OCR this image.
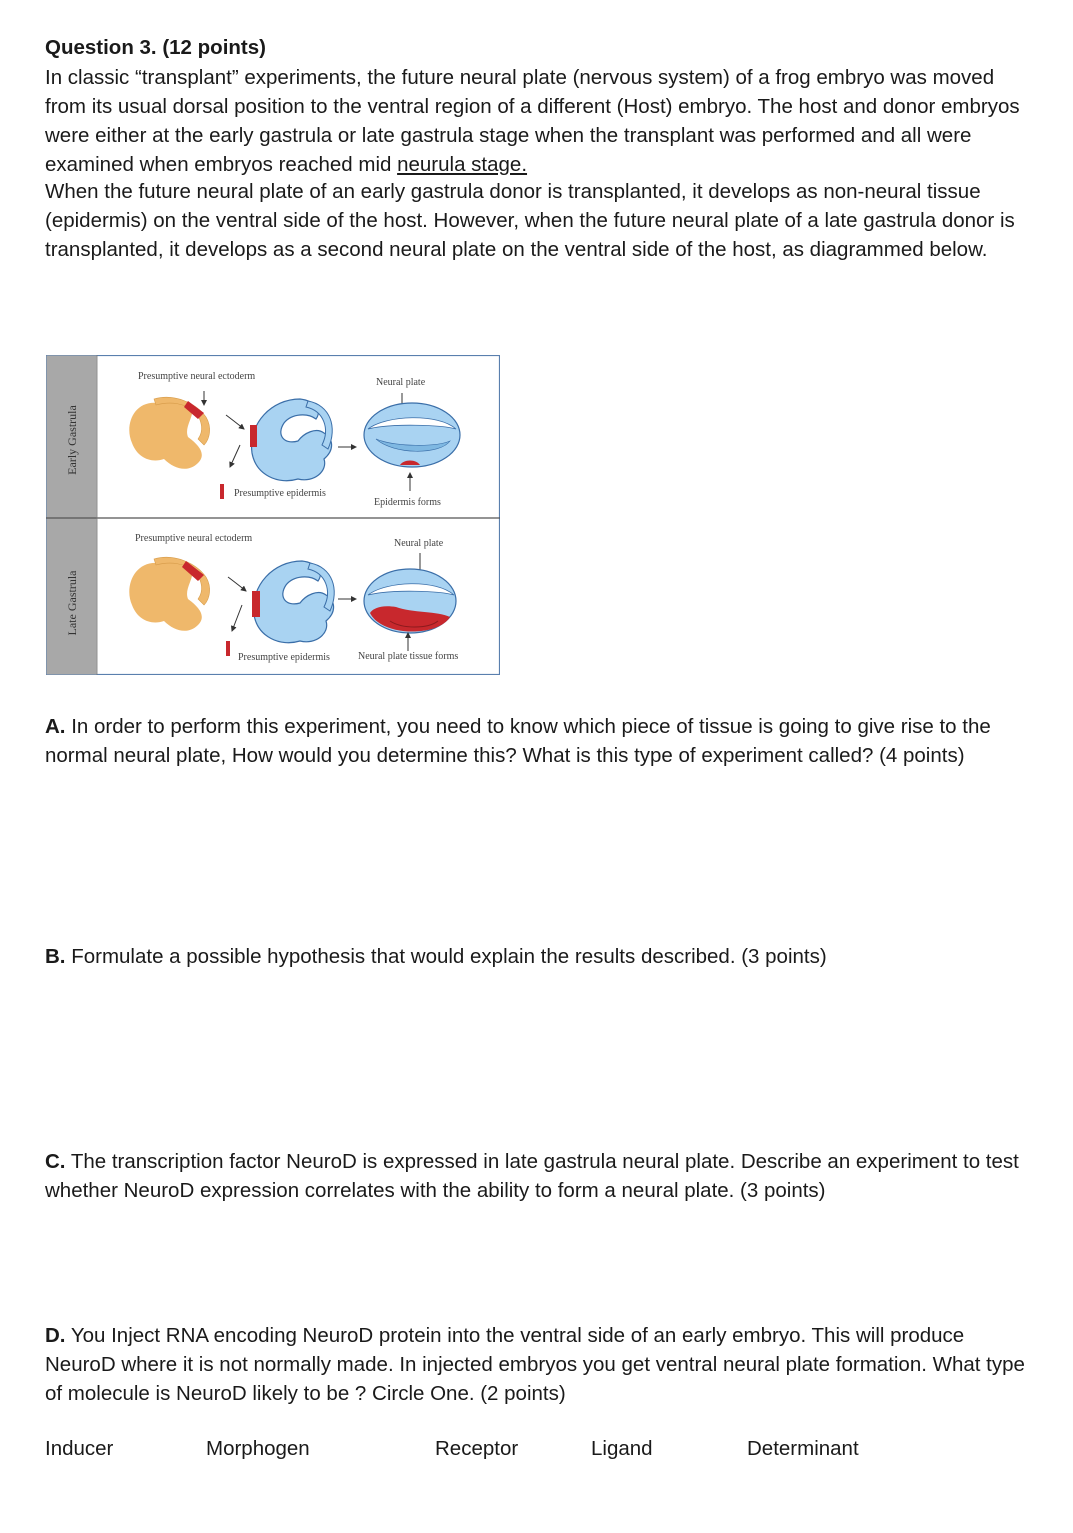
Question 3. (12 points)
In classic “transplant” experiments, the future neural plate (nervous system) of a frog embryo was moved from its usual dorsal position to the ventral region of a different (Host) embryo. The host and donor embryos were either at the early gastrula or late gastrula stage when the transplant was performed and all were examined when embryos reached mid neurula stage.
When the future neural plate of an early gastrula donor is transplanted, it develops as non-neural tissue (epidermis) on the ventral side of the host. However, when the future neural plate of a late gastrula donor is transplanted, it develops as a second neural plate on the ventral side of the host, as diagrammed below.
Early Gastrula
Late Gastrula
Presumptive neural ectoderm
Presumptive epidermis
Neural plate
Epidermis forms
Presumptive neural ectoderm
Presumptive epidermis
Neural plate
Neural plate tissue forms
A. In order to perform this experiment, you need to know which piece of tissue is going to give rise to the normal neural plate, How would you determine this? What is this type of experiment called? (4 points)
B. Formulate a possible hypothesis that would explain the results described. (3 points)
C. The transcription factor NeuroD is expressed in late gastrula neural plate. Describe an experiment to test whether NeuroD expression correlates with the ability to form a neural plate. (3 points)
D. You Inject RNA encoding NeuroD protein into the ventral side of an early embryo. This will produce NeuroD where it is not normally made. In injected embryos you get ventral neural plate formation. What type of molecule is NeuroD likely to be ? Circle One. (2 points)
Inducer	Morphogen	Receptor	Ligand	Determinant
